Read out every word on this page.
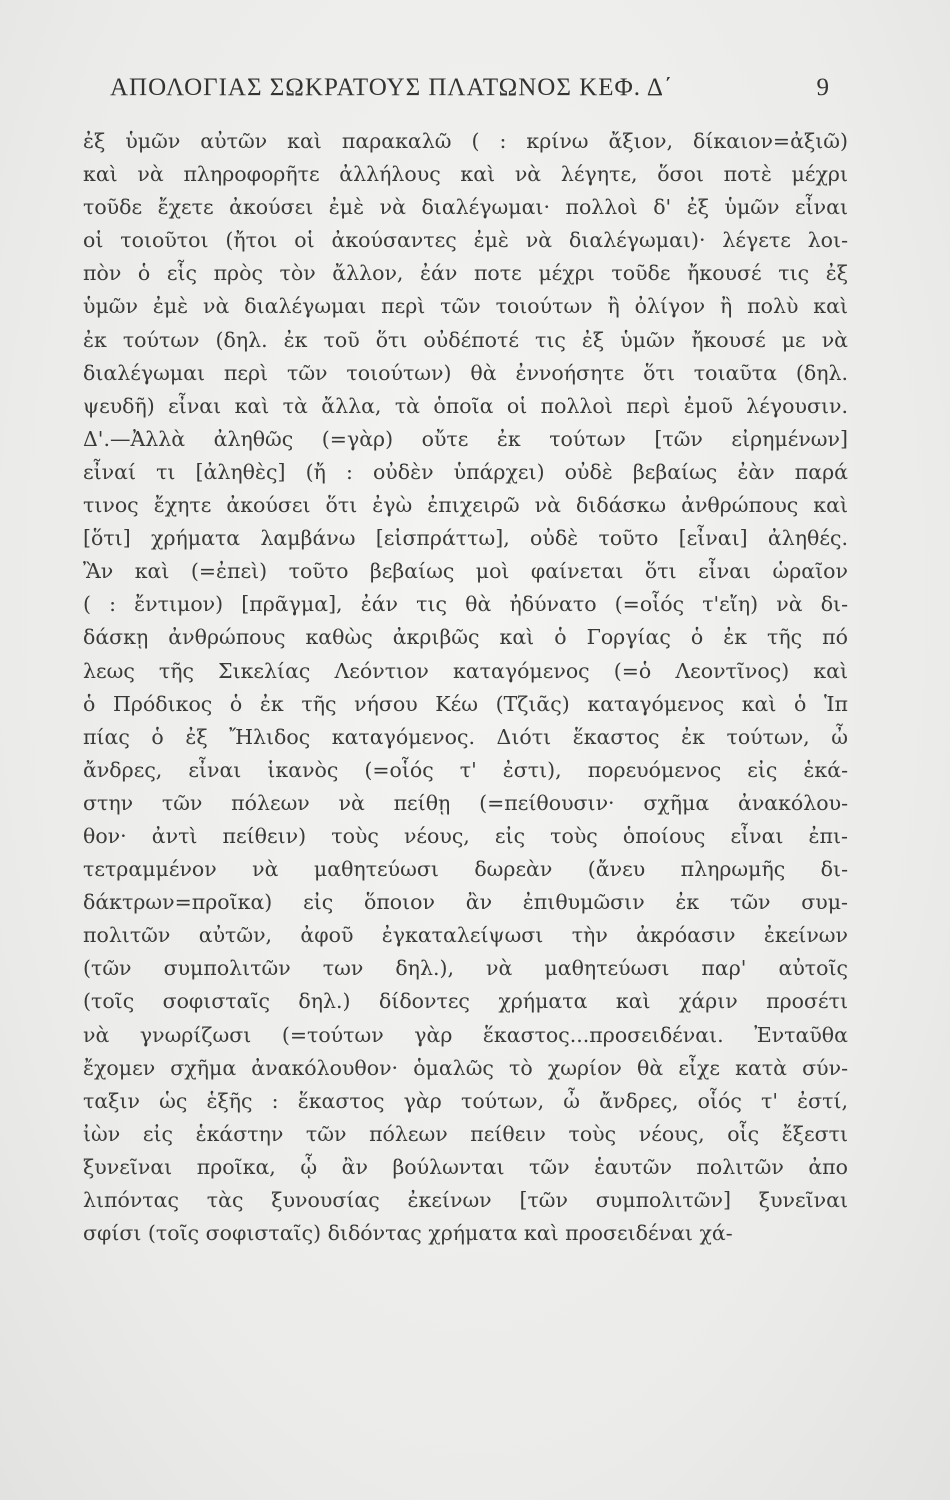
ΑΠΟΛΟΓΙΑΣ ΣΩΚΡΑΤΟΥΣ ΠΛΑΤΩΝΟΣ ΚΕΦ. Δ΄	9
ἐξ ὑμῶν αὐτῶν καὶ παρακαλῶ ( : κρίνω ἄξιον, δίκαιον=ἀξιῶ)
καὶ νὰ πληροφορῆτε ἀλλήλους καὶ νὰ λέγητε, ὅσοι ποτὲ μέχρι
τοῦδε ἔχετε ἀκούσει ἐμὲ νὰ διαλέγωμαι· πολλοὶ δ' ἐξ ὑμῶν εἶναι
οἱ τοιοῦτοι (ἤτοι οἱ ἀκούσαντες ἐμὲ νὰ διαλέγωμαι)· λέγετε λοι-
πὸν ὁ εἷς πρὸς τὸν ἄλλον, ἐάν ποτε μέχρι τοῦδε ἤκουσέ τις ἐξ
ὑμῶν ἐμὲ νὰ διαλέγωμαι περὶ τῶν τοιούτων ἢ ὀλίγον ἢ πολὺ καὶ
ἐκ τούτων (δηλ. ἐκ τοῦ ὅτι οὐδέποτέ τις ἐξ ὑμῶν ἤκουσέ με νὰ
διαλέγωμαι περὶ τῶν τοιούτων) θὰ ἐννοήσητε ὅτι τοιαῦτα (δηλ.
ψευδῆ) εἶναι καὶ τὰ ἄλλα, τὰ ὁποῖα οἱ πολλοὶ περὶ ἐμοῦ λέγουσιν.
Δ'.—Ἀλλὰ ἀληθῶς (=γὰρ) οὔτε ἐκ τούτων [τῶν εἰρημένων]
εἶναί τι [ἀληθὲς] (ἤ : οὐδὲν ὑπάρχει) οὐδὲ βεβαίως ἐὰν παρά
τινος ἔχητε ἀκούσει ὅτι ἐγὼ ἐπιχειρῶ νὰ διδάσκω ἀνθρώπους καὶ
[ὅτι] χρήματα λαμβάνω [εἰσπράττω], οὐδὲ τοῦτο [εἶναι] ἀληθές.
Ἂν καὶ (=ἐπεὶ) τοῦτο βεβαίως μοὶ φαίνεται ὅτι εἶναι ὡραῖον
( : ἔντιμον) [πρᾶγμα], ἐάν τις θὰ ἠδύνατο (=οἷός τ'εἴη) νὰ δι-
δάσκῃ ἀνθρώπους καθὼς ἀκριβῶς καὶ ὁ Γοργίας ὁ ἐκ τῆς πό
λεως τῆς Σικελίας Λεόντιον καταγόμενος (=ὁ Λεοντῖνος) καὶ
ὁ Πρόδικος ὁ ἐκ τῆς νήσου Κέω (Τζιᾶς) καταγόμενος καὶ ὁ Ἱπ
πίας ὁ ἐξ Ἤλιδος καταγόμενος. Διότι ἕκαστος ἐκ τούτων, ὦ
ἄνδρες, εἶναι ἱκανὸς (=οἷός τ' ἐστι), πορευόμενος εἰς ἑκά-
στην τῶν πόλεων νὰ πείθῃ (=πείθουσιν· σχῆμα ἀνακόλου-
θον· ἀντὶ πείθειν) τοὺς νέους, εἰς τοὺς ὁποίους εἶναι ἐπι-
τετραμμένον νὰ μαθητεύωσι δωρεὰν (ἄνευ πληρωμῆς δι-
δάκτρων=προῖκα) εἰς ὅποιον ἂν ἐπιθυμῶσιν ἐκ τῶν συμ-
πολιτῶν αὐτῶν, ἀφοῦ ἐγκαταλείψωσι τὴν ἀκρόασιν ἐκείνων
(τῶν συμπολιτῶν των δηλ.), νὰ μαθητεύωσι παρ' αὐτοῖς
(τοῖς σοφισταῖς δηλ.) δίδοντες χρήματα καὶ χάριν προσέτι
νὰ γνωρίζωσι (=τούτων γὰρ ἕκαστος...προσειδέναι. Ἐνταῦθα
ἔχομεν σχῆμα ἀνακόλουθον· ὁμαλῶς τὸ χωρίον θὰ εἶχε κατὰ σύν-
ταξιν ὡς ἑξῆς : ἕκαστος γὰρ τούτων, ὦ ἄνδρες, οἷός τ' ἐστί,
ἰὼν εἰς ἑκάστην τῶν πόλεων πείθειν τοὺς νέους, οἷς ἔξεστι
ξυνεῖναι προῖκα, ᾧ ἂν βούλωνται τῶν ἑαυτῶν πολιτῶν ἀπο
λιπόντας τὰς ξυνουσίας ἐκείνων [τῶν συμπολιτῶν] ξυνεῖναι
σφίσι (τοῖς σοφισταῖς) διδόντας χρήματα καὶ προσειδέναι χά-
